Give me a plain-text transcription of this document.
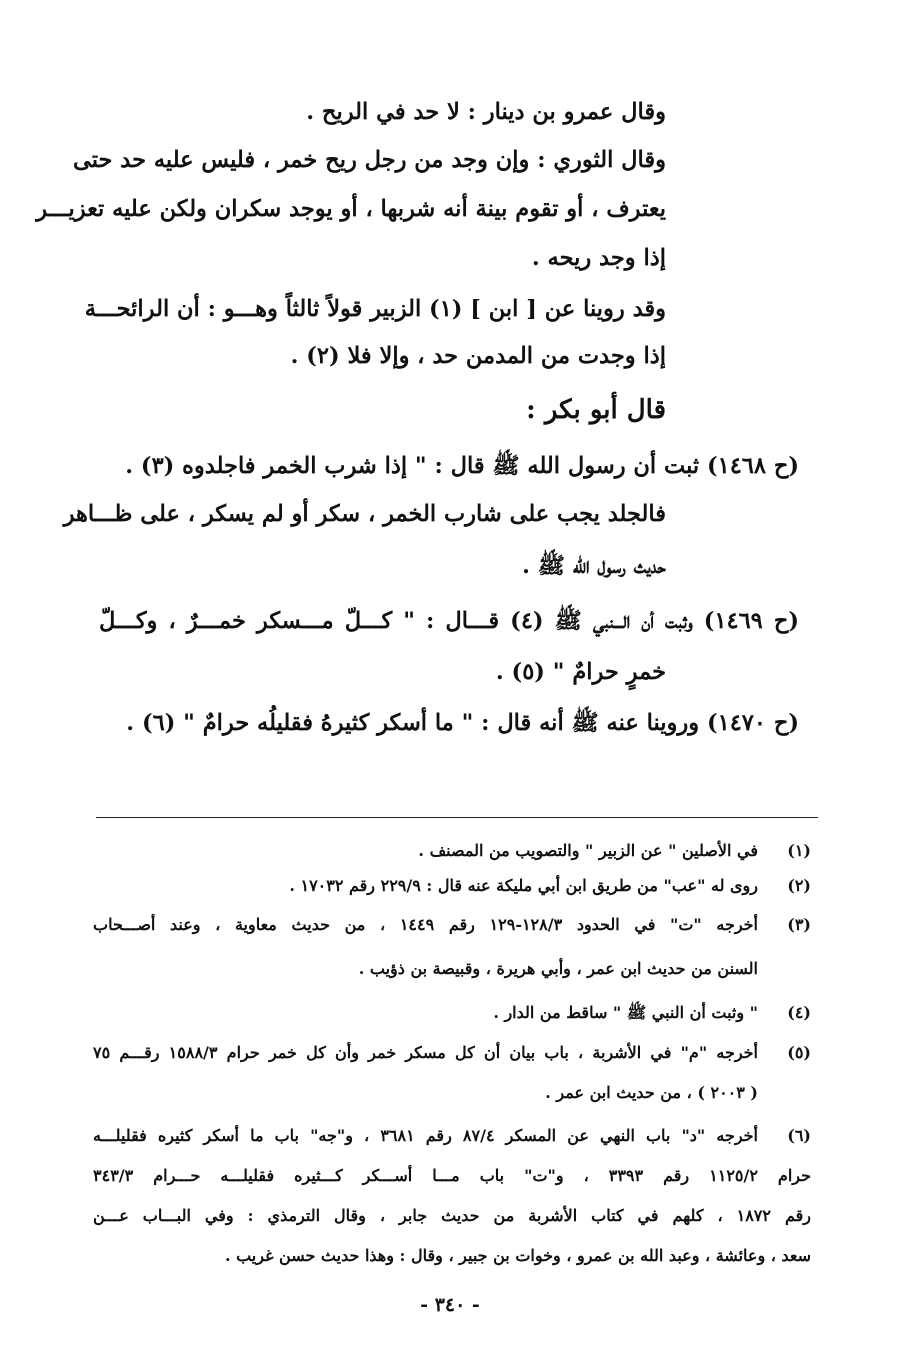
وقال عمرو بن دينار : لا حد في الريح .
وقال الثوري : وإن وجد من رجل ريح خمر ، فليس عليه حد حتى
يعترف ، أو تقوم بينة أنه شربها ، أو يوجد سكران ولكن عليه تعزيـــر
إذا وجد ريحه .
وقد روينا عن [ ابن ] (١) الزبير قولاً ثالثاً وهـــو : أن الرائحـــة
إذا وجدت من المدمن حد ، وإلا فلا (٢) .
قال أبو بكر :
(ح ١٤٦٨) ثبت أن رسول الله ﷺ قال : " إذا شرب الخمر فاجلدوه (٣) .
فالجلد يجب على شارب الخمر ، سكر أو لم يسكر ، على ظـــاهر
حديث رسول الله ﷺ .
(ح ١٤٦٩) وثبت أن الـــنبي ﷺ (٤) قـــال : " كـــلّ مـــسكر خمـــرٌ ، وكـــلّ
خمرٍ حرامٌ " (٥) .
(ح ١٤٧٠) وروينا عنه ﷺ أنه قال : " ما أسكر كثيرهُ فقليلُه حرامٌ " (٦) .
(١)
في الأصلين " عن الزبير " والتصويب من المصنف .
(٢)
روى له "عب" من طريق ابن أبي مليكة عنه قال : ٢٢٩/٩ رقم ١٧٠٣٢ .
(٣)
أخرجه "ت" في الحدود ١٢٨/٣-١٢٩ رقم ١٤٤٩ ، من حديث معاوية ، وعند أصـــحاب
السنن من حديث ابن عمر ، وأبي هريرة ، وقبيصة بن ذؤيب .
(٤)
" وثبت أن النبي ﷺ " ساقط من الدار .
(٥)
أخرجه "م" في الأشربة ، باب بيان أن كل مسكر خمر وأن كل خمر حرام ١٥٨٨/٣ رقـــم ٧٥
( ٢٠٠٣ ) ، من حديث ابن عمر .
(٦)
أخرجه "د" باب النهي عن المسكر ٨٧/٤ رقم ٣٦٨١ ، و"جه" باب ما أسكر كثيره فقليلـــه
حرام ١١٢٥/٢ رقم ٣٣٩٣ ، و"ت" باب مـــا أســـكر كـــثيره فقليلـــه حـــرام ٣٤٣/٣
رقم ١٨٧٢ ، كلهم في كتاب الأشربة من حديث جابر ، وقال الترمذي : وفي البـــاب عـــن
سعد ، وعائشة ، وعبد الله بن عمرو ، وخوات بن جبير ، وقال : وهذا حديث حسن غريب .
- ٣٤٠ -
